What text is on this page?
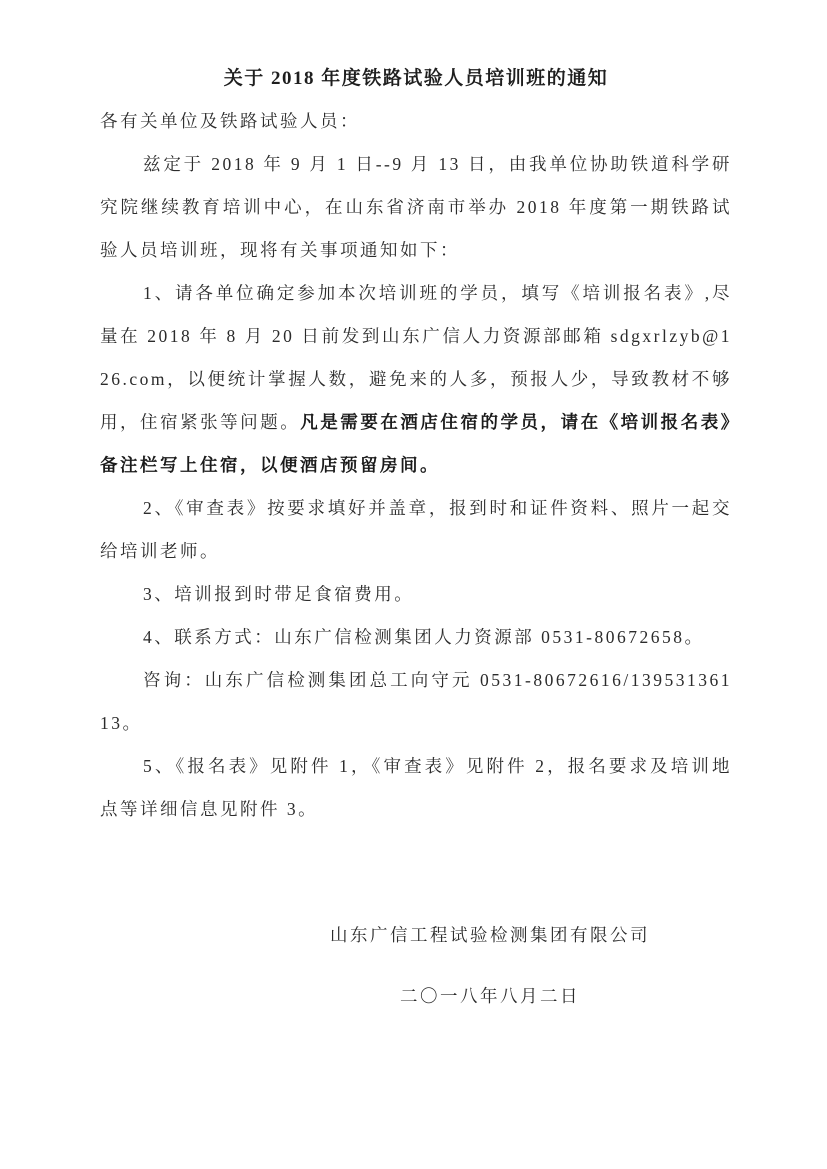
关于 2018 年度铁路试验人员培训班的通知

各有关单位及铁路试验人员：

兹定于 2018 年 9 月 1 日--9 月 13 日，由我单位协助铁道科学研究院继续教育培训中心，在山东省济南市举办 2018 年度第一期铁路试验人员培训班，现将有关事项通知如下：

1、请各单位确定参加本次培训班的学员，填写《培训报名表》,尽量在 2018 年 8 月 20 日前发到山东广信人力资源部邮箱 sdgxrlzyb@126.com，以便统计掌握人数，避免来的人多，预报人少，导致教材不够用，住宿紧张等问题。凡是需要在酒店住宿的学员，请在《培训报名表》备注栏写上住宿，以便酒店预留房间。

2、《审查表》按要求填好并盖章，报到时和证件资料、照片一起交给培训老师。

3、培训报到时带足食宿费用。

4、联系方式：山东广信检测集团人力资源部 0531-80672658。

咨询：山东广信检测集团总工向守元 0531-80672616/13953136113。

5、《报名表》见附件 1，《审查表》见附件 2，报名要求及培训地点等详细信息见附件 3。

山东广信工程试验检测集团有限公司

二〇一八年八月二日
